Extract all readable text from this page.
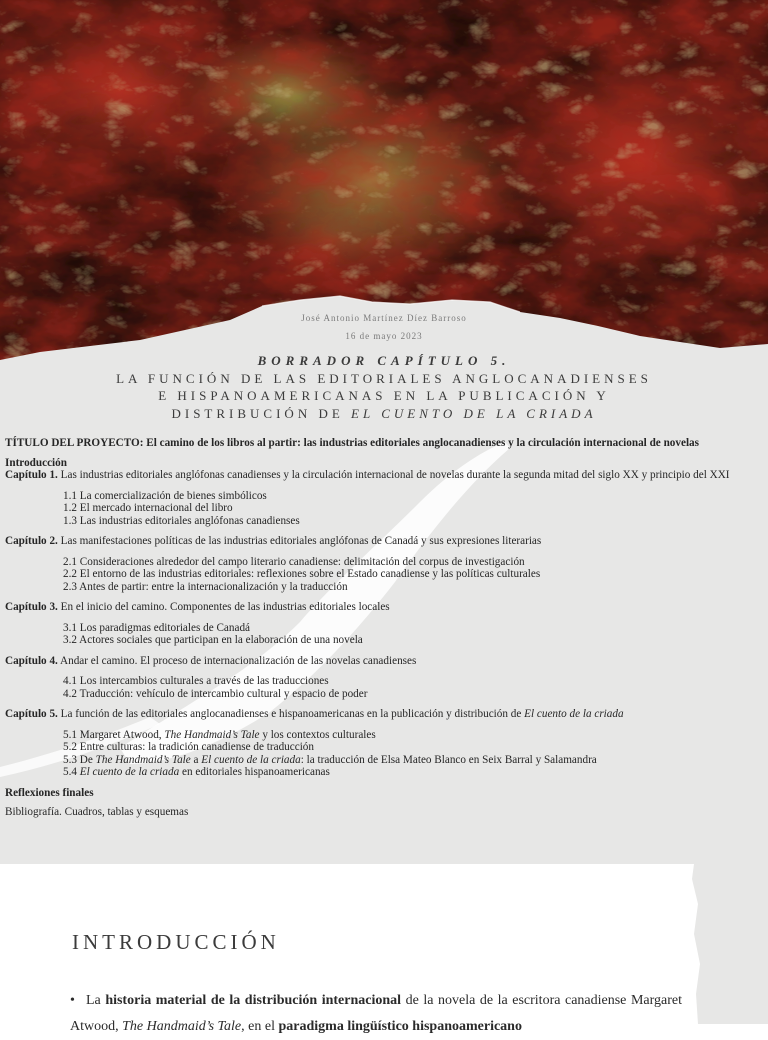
José Antonio Martínez Díez Barroso
16 de mayo 2023
BORRADOR CAPÍTULO 5.
LA FUNCIÓN DE LAS EDITORIALES ANGLOCANADIENSES
E HISPANOAMERICANAS EN LA PUBLICACIÓN Y
DISTRIBUCIÓN DE EL CUENTO DE LA CRIADA
TÍTULO DEL PROYECTO: El camino de los libros al partir: las industrias editoriales anglocanadienses y la circulación internacional de novelas
Introducción
Capítulo 1. Las industrias editoriales anglófonas canadienses y la circulación internacional de novelas durante la segunda mitad del siglo XX y principio del XXI
1.1 La comercialización de bienes simbólicos
1.2 El mercado internacional del libro
1.3 Las industrias editoriales anglófonas canadienses
Capítulo 2. Las manifestaciones políticas de las industrias editoriales anglófonas de Canadá y sus expresiones literarias
2.1 Consideraciones alrededor del campo literario canadiense: delimitación del corpus de investigación
2.2 El entorno de las industrias editoriales: reflexiones sobre el Estado canadiense y las políticas culturales
2.3 Antes de partir: entre la internacionalización y la traducción
Capítulo 3. En el inicio del camino. Componentes de las industrias editoriales locales
3.1 Los paradigmas editoriales de Canadá
3.2 Actores sociales que participan en la elaboración de una novela
Capítulo 4. Andar el camino. El proceso de internacionalización de las novelas canadienses
4.1 Los intercambios culturales a través de las traducciones
4.2 Traducción: vehículo de intercambio cultural y espacio de poder
Capítulo 5. La función de las editoriales anglocanadienses e hispanoamericanas en la publicación y distribución de El cuento de la criada
5.1 Margaret Atwood, The Handmaid’s Tale y los contextos culturales
5.2 Entre culturas: la tradición canadiense de traducción
5.3 De The Handmaid’s Tale a El cuento de la criada: la traducción de Elsa Mateo Blanco en Seix Barral y Salamandra
5.4 El cuento de la criada en editoriales hispanoamericanas
Reflexiones finales
Bibliografía. Cuadros, tablas y esquemas
INTRODUCCIÓN
• La historia material de la distribución internacional de la novela de la escritora canadiense Margaret Atwood, The Handmaid’s Tale, en el paradigma lingüístico hispanoamericano
